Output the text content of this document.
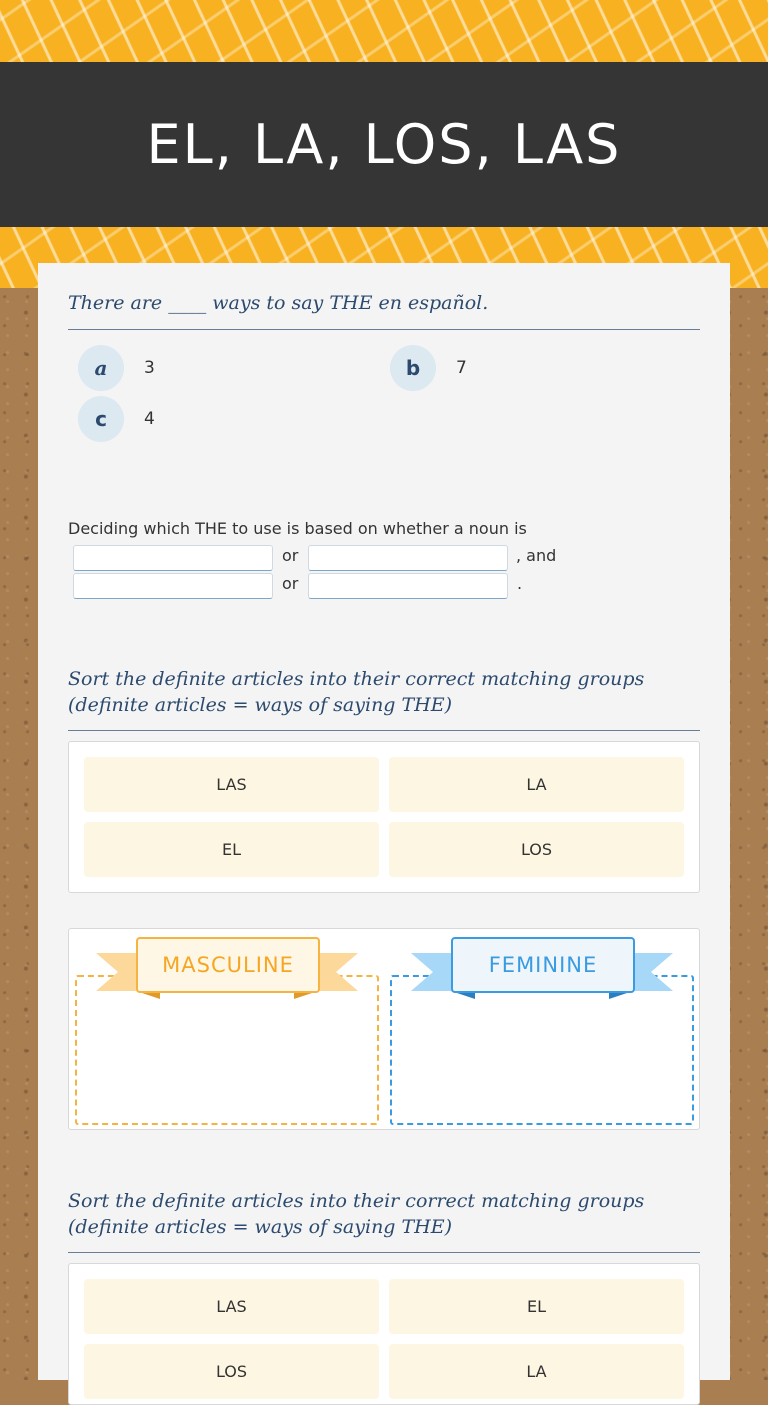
EL, LA, LOS, LAS
There are ____ ways to say THE en español.
a	3	b	7
c	4
Deciding which THE to use is based on whether a noun is
or	, and
or	.
Sort the definite articles into their correct matching groups (definite articles = ways of saying THE)
LAS	LA
EL	LOS
MASCULINE	FEMININE
Sort the definite articles into their correct matching groups (definite articles = ways of saying THE)
LAS	EL
LOS	LA
